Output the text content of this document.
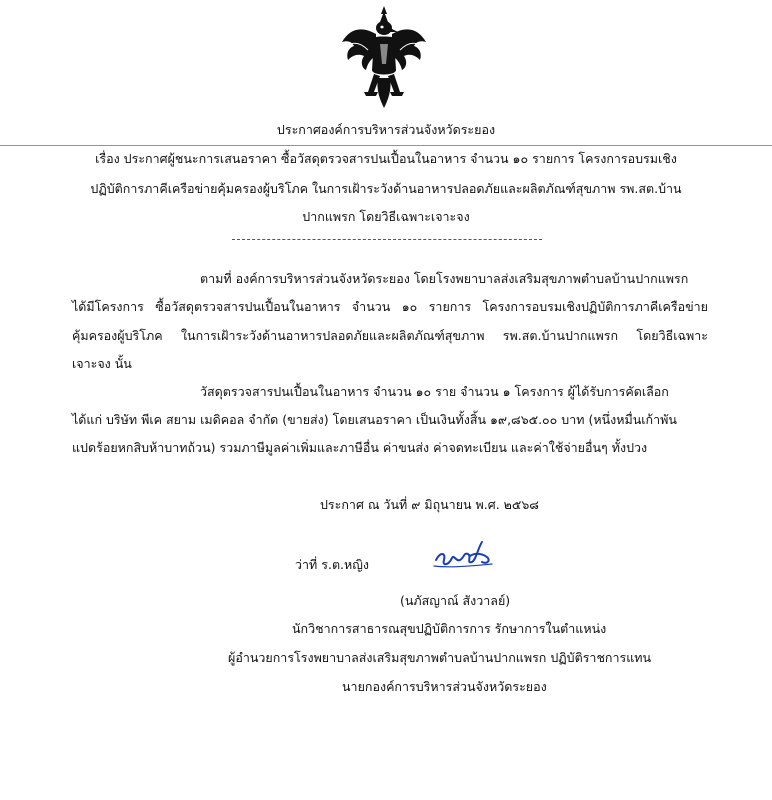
ประกาศองค์การบริหารส่วนจังหวัดระยอง
เรื่อง ประกาศผู้ชนะการเสนอราคา ซื้อวัสดุตรวจสารปนเปื้อนในอาหาร จำนวน ๑๐ รายการ โครงการอบรมเชิง
ปฏิบัติการภาคีเครือข่ายคุ้มครองผู้บริโภค ในการเฝ้าระวังด้านอาหารปลอดภัยและผลิตภัณฑ์สุขภาพ รพ.สต.บ้าน
ปากแพรก โดยวิธีเฉพาะเจาะจง
ตามที่ องค์การบริหารส่วนจังหวัดระยอง โดยโรงพยาบาลส่งเสริมสุขภาพตำบลบ้านปากแพรก
ได้มีโครงการ ซื้อวัสดุตรวจสารปนเปื้อนในอาหาร จำนวน ๑๐ รายการ โครงการอบรมเชิงปฏิบัติการภาคีเครือข่าย
คุ้มครองผู้บริโภค ในการเฝ้าระวังด้านอาหารปลอดภัยและผลิตภัณฑ์สุขภาพ รพ.สต.บ้านปากแพรก โดยวิธีเฉพาะ
เจาะจง นั้น
วัสดุตรวจสารปนเปื้อนในอาหาร จำนวน ๑๐ ราย จำนวน ๑ โครงการ ผู้ได้รับการคัดเลือก
ได้แก่ บริษัท พีเค สยาม เมดิคอล จำกัด (ขายส่ง) โดยเสนอราคา เป็นเงินทั้งสิ้น ๑๙,๘๖๕.๐๐ บาท (หนึ่งหมื่นเก้าพัน
แปดร้อยหกสิบห้าบาทถ้วน) รวมภาษีมูลค่าเพิ่มและภาษีอื่น ค่าขนส่ง ค่าจดทะเบียน และค่าใช้จ่ายอื่นๆ ทั้งปวง
ประกาศ ณ วันที่ ๙ มิถุนายน พ.ศ. ๒๕๖๘
ว่าที่ ร.ต.หญิง
(นภัสญาณ์ สังวาลย์)
นักวิชาการสาธารณสุขปฏิบัติการการ รักษาการในตำแหน่ง
ผู้อำนวยการโรงพยาบาลส่งเสริมสุขภาพตำบลบ้านปากแพรก ปฏิบัติราชการแทน
นายกองค์การบริหารส่วนจังหวัดระยอง
